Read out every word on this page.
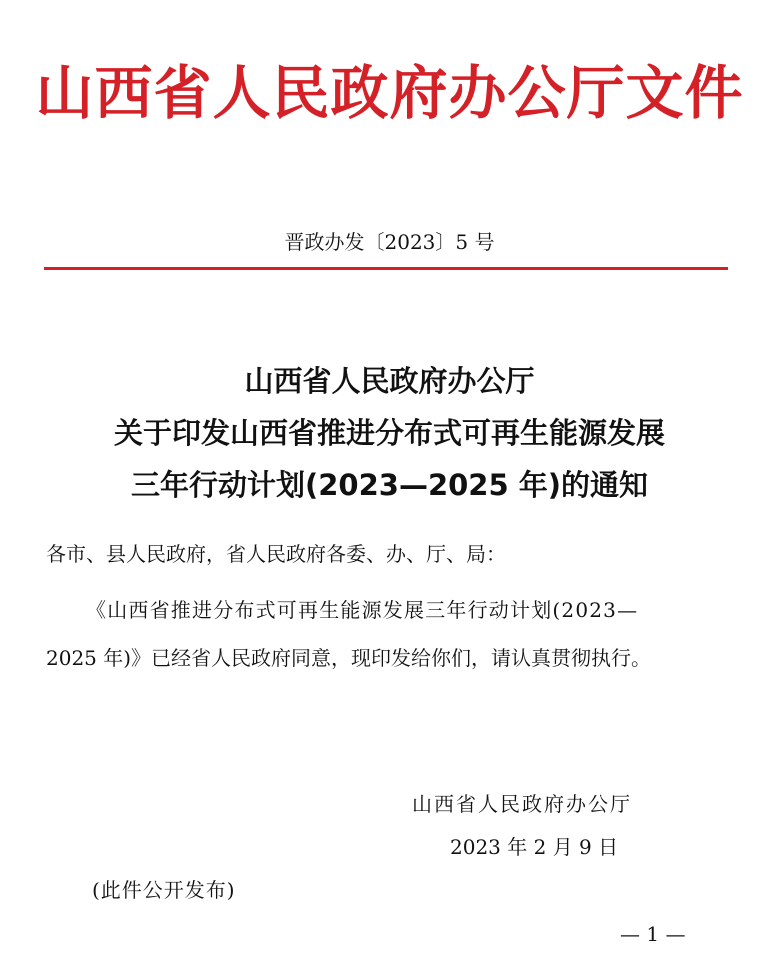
山西省人民政府办公厅文件
晋政办发〔2023〕5 号
山西省人民政府办公厅
关于印发山西省推进分布式可再生能源发展
三年行动计划(2023—2025 年)的通知
各市、县人民政府，省人民政府各委、办、厅、局：
《山西省推进分布式可再生能源发展三年行动计划(2023—
2025 年)》已经省人民政府同意，现印发给你们，请认真贯彻执行。
山西省人民政府办公厅
2023 年 2 月 9 日
(此件公开发布)
— 1 —
